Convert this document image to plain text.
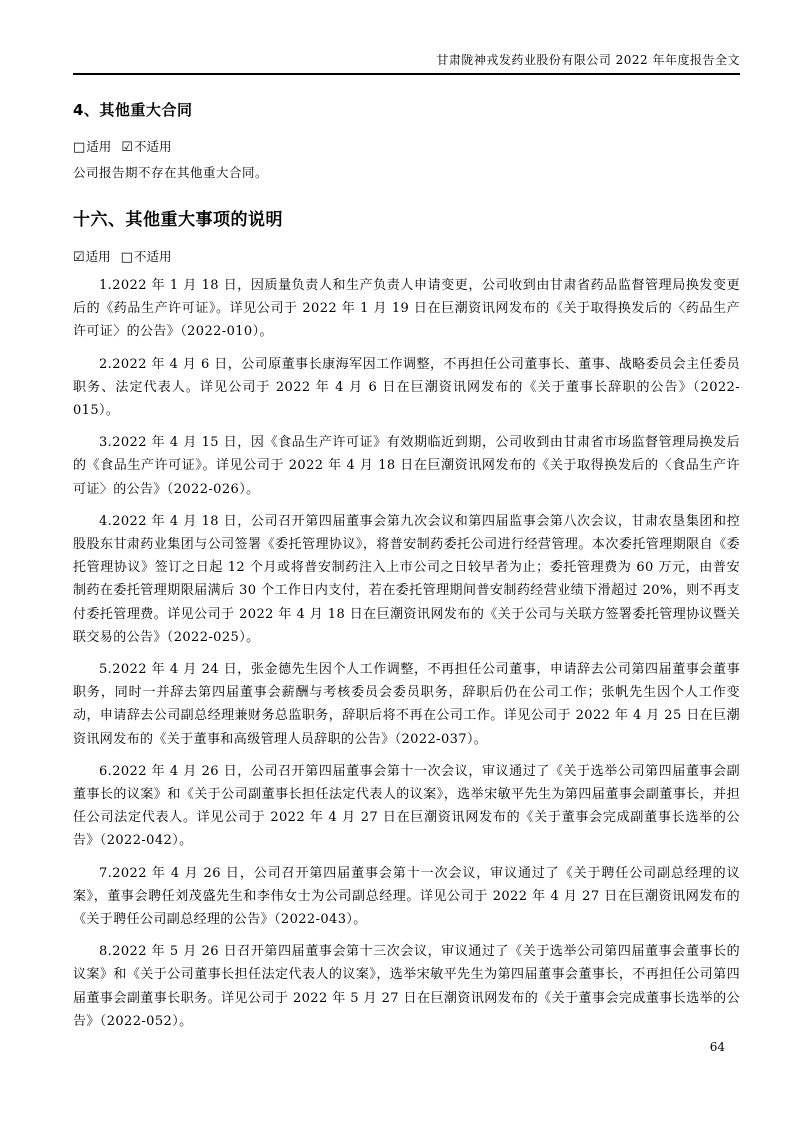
甘肃陇神戎发药业股份有限公司 2022 年年度报告全文
4、其他重大合同
□适用 ☑不适用

公司报告期不存在其他重大合同。

十六、其他重大事项的说明
☑适用 □不适用

1.2022 年 1 月 18 日，因质量负责人和生产负责人申请变更，公司收到由甘肃省药品监督管理局换发变更后的《药品生产许可证》。详见公司于 2022 年 1 月 19 日在巨潮资讯网发布的《关于取得换发后的〈药品生产许可证〉的公告》（2022-010）。

2.2022 年 4 月 6 日，公司原董事长康海军因工作调整，不再担任公司董事长、董事、战略委员会主任委员职务、法定代表人。详见公司于 2022 年 4 月 6 日在巨潮资讯网发布的《关于董事长辞职的公告》（2022-015）。

3.2022 年 4 月 15 日，因《食品生产许可证》有效期临近到期，公司收到由甘肃省市场监督管理局换发后的《食品生产许可证》。详见公司于 2022 年 4 月 18 日在巨潮资讯网发布的《关于取得换发后的〈食品生产许可证〉的公告》（2022-026）。

4.2022 年 4 月 18 日，公司召开第四届董事会第九次会议和第四届监事会第八次会议，甘肃农垦集团和控股股东甘肃药业集团与公司签署《委托管理协议》，将普安制药委托公司进行经营管理。本次委托管理期限自《委托管理协议》签订之日起 12 个月或将普安制药注入上市公司之日较早者为止；委托管理费为 60 万元，由普安制药在委托管理期限届满后 30 个工作日内支付，若在委托管理期间普安制药经营业绩下滑超过 20%，则不再支付委托管理费。详见公司于 2022 年 4 月 18 日在巨潮资讯网发布的《关于公司与关联方签署委托管理协议暨关联交易的公告》（2022-025）。

5.2022 年 4 月 24 日，张金德先生因个人工作调整，不再担任公司董事，申请辞去公司第四届董事会董事职务，同时一并辞去第四届董事会薪酬与考核委员会委员职务，辞职后仍在公司工作；张帆先生因个人工作变动，申请辞去公司副总经理兼财务总监职务，辞职后将不再在公司工作。详见公司于 2022 年 4 月 25 日在巨潮资讯网发布的《关于董事和高级管理人员辞职的公告》（2022-037）。

6.2022 年 4 月 26 日，公司召开第四届董事会第十一次会议，审议通过了《关于选举公司第四届董事会副董事长的议案》和《关于公司副董事长担任法定代表人的议案》，选举宋敏平先生为第四届董事会副董事长，并担任公司法定代表人。详见公司于 2022 年 4 月 27 日在巨潮资讯网发布的《关于董事会完成副董事长选举的公告》（2022-042）。

7.2022 年 4 月 26 日，公司召开第四届董事会第十一次会议，审议通过了《关于聘任公司副总经理的议案》，董事会聘任刘茂盛先生和李伟女士为公司副总经理。详见公司于 2022 年 4 月 27 日在巨潮资讯网发布的《关于聘任公司副总经理的公告》（2022-043）。

8.2022 年 5 月 26 日召开第四届董事会第十三次会议，审议通过了《关于选举公司第四届董事会董事长的议案》和《关于公司董事长担任法定代表人的议案》，选举宋敏平先生为第四届董事会董事长，不再担任公司第四届董事会副董事长职务。详见公司于 2022 年 5 月 27 日在巨潮资讯网发布的《关于董事会完成董事长选举的公告》（2022-052）。

64
